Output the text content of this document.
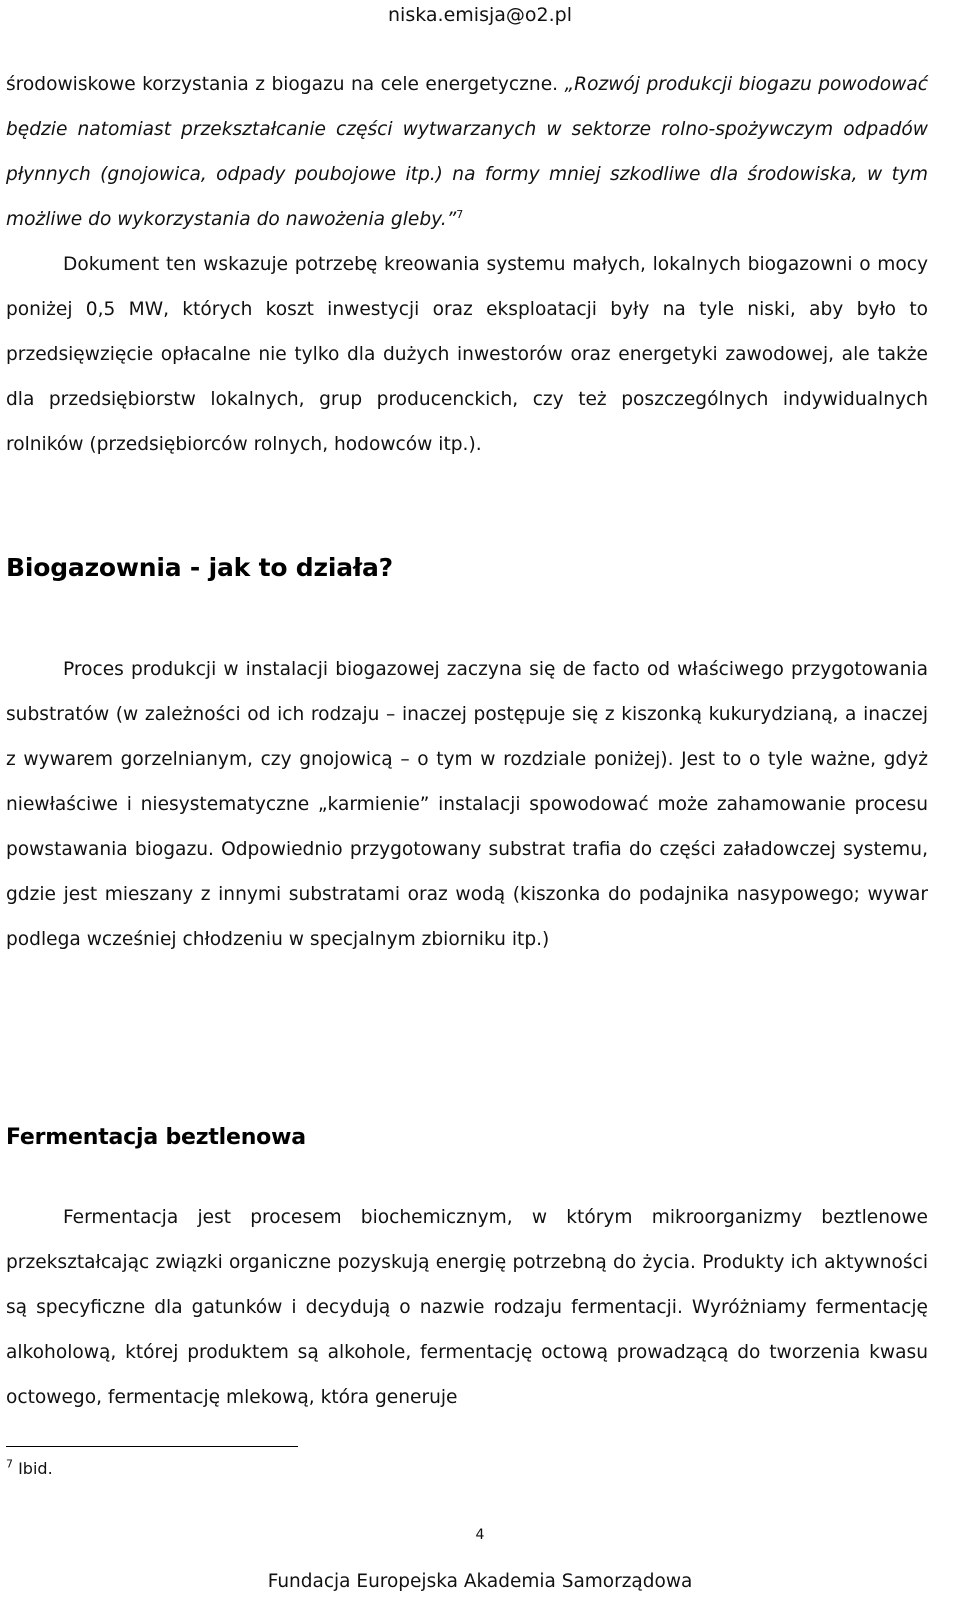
niska.emisja@o2.pl

środowiskowe korzystania z biogazu na cele energetyczne. „Rozwój produkcji biogazu powodować będzie natomiast przekształcanie części wytwarzanych w sektorze rolno-spożywczym odpadów płynnych (gnojowica, odpady poubojowe itp.) na formy mniej szkodliwe dla środowiska, w tym możliwe do wykorzystania do nawożenia gleby.”$^7$

Dokument ten wskazuje potrzebę kreowania systemu małych, lokalnych biogazowni o mocy poniżej 0,5 MW, których koszt inwestycji oraz eksploatacji były na tyle niski, aby było to przedsięwzięcie opłacalne nie tylko dla dużych inwestorów oraz energetyki zawodowej, ale także dla przedsiębiorstw lokalnych, grup producenckich, czy też poszczególnych indywidualnych rolników (przedsiębiorców rolnych, hodowców itp.).

Biogazownia - jak to działa?

Proces produkcji w instalacji biogazowej zaczyna się de facto od właściwego przygotowania substratów (w zależności od ich rodzaju – inaczej postępuje się z kiszonką kukurydzianą, a inaczej z wywarem gorzelnianym, czy gnojowicą – o tym w rozdziale poniżej). Jest to o tyle ważne, gdyż niewłaściwe i niesystematyczne „karmienie” instalacji spowodować może zahamowanie procesu powstawania biogazu. Odpowiednio przygotowany substrat trafia do części załadowczej systemu, gdzie jest mieszany z innymi substratami oraz wodą (kiszonka do podajnika nasypowego; wywar podlega wcześniej chłodzeniu w specjalnym zbiorniku itp.)

Fermentacja beztlenowa

Fermentacja jest procesem biochemicznym, w którym mikroorganizmy beztlenowe przekształcając związki organiczne pozyskują energię potrzebną do życia. Produkty ich aktywności są specyficzne dla gatunków i decydują o nazwie rodzaju fermentacji. Wyróżniamy fermentację alkoholową, której produktem są alkohole, fermentację octową prowadzącą do tworzenia kwasu octowego, fermentację mlekową, która generuje

$^7$ Ibid.
4
Fundacja Europejska Akademia Samorządowa
